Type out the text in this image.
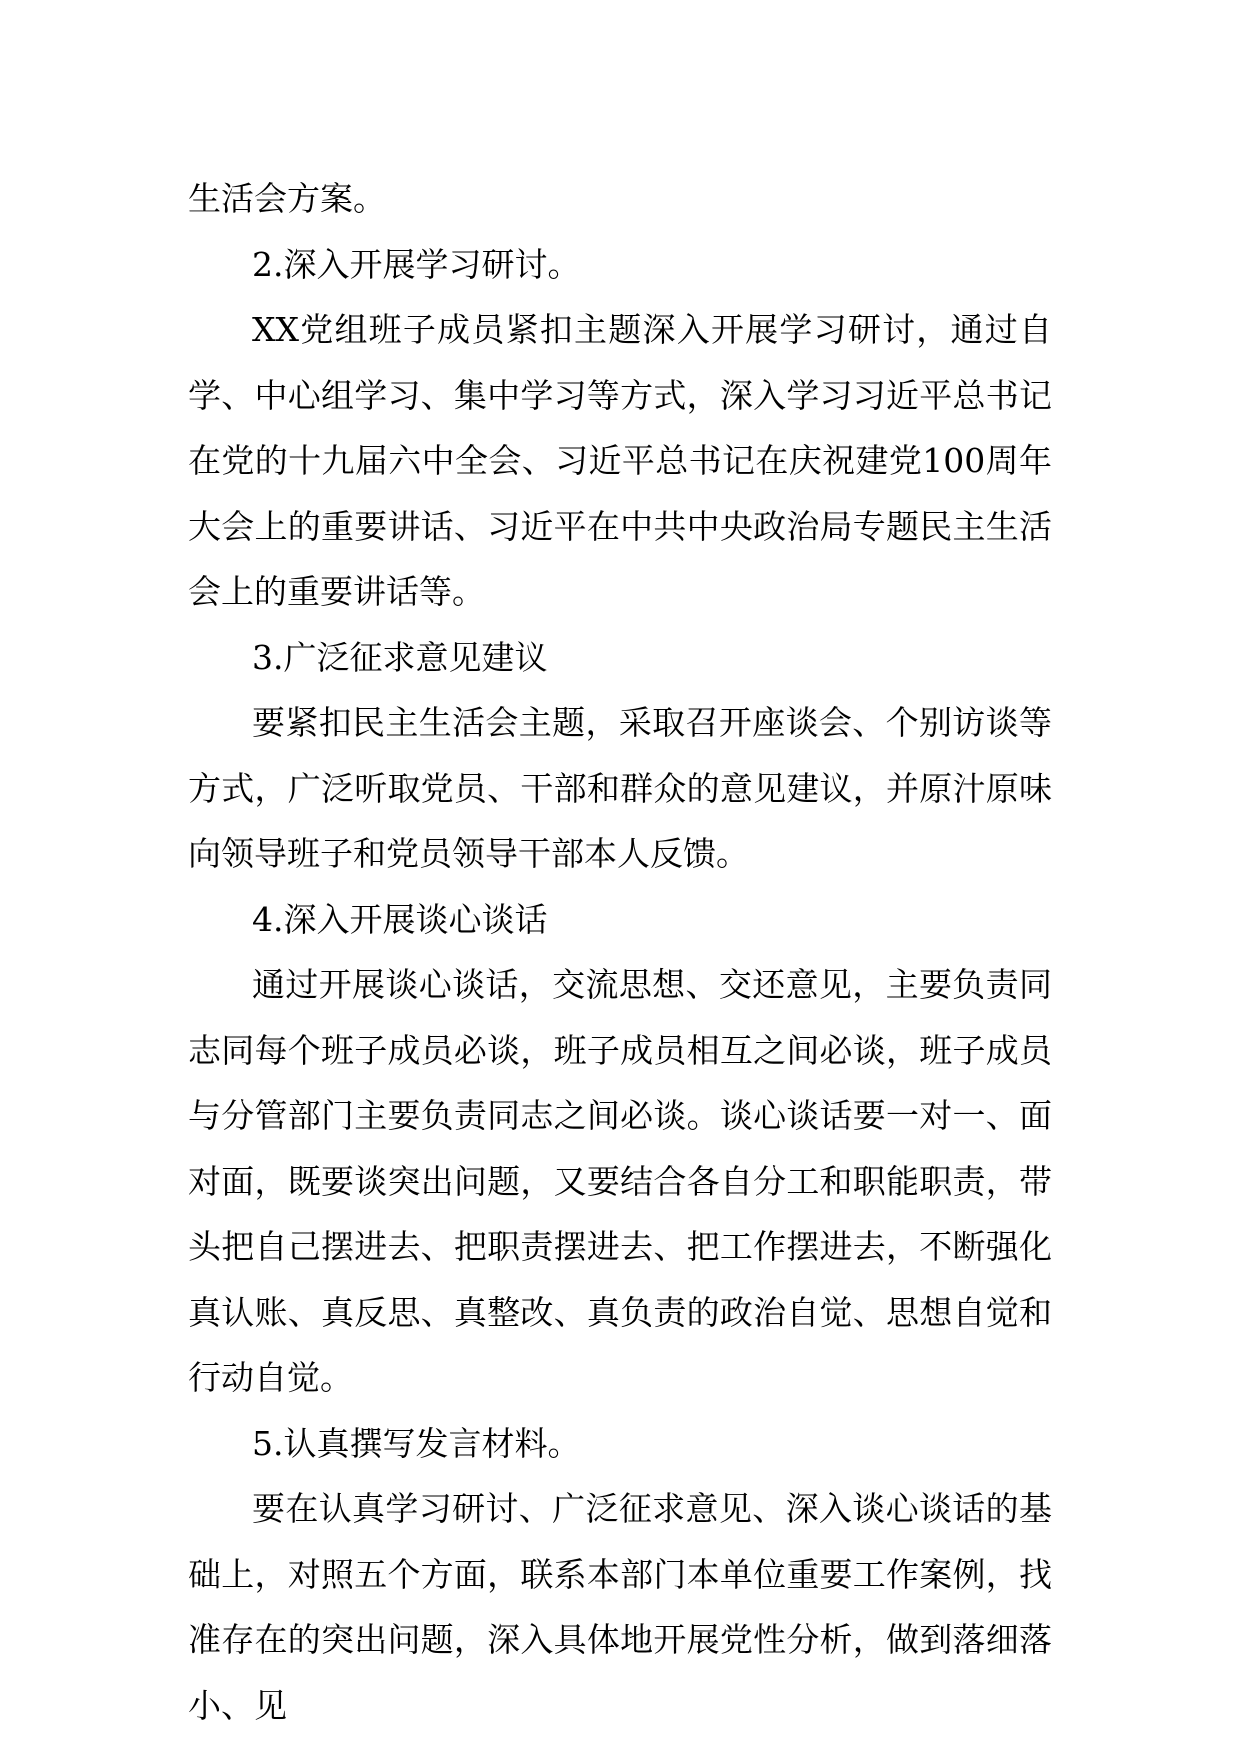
生活会方案。

2.深入开展学习研讨。

XX党组班子成员紧扣主题深入开展学习研讨，通过自学、中心组学习、集中学习等方式，深入学习习近平总书记在党的十九届六中全会、习近平总书记在庆祝建党100周年大会上的重要讲话、习近平在中共中央政治局专题民主生活会上的重要讲话等。

3.广泛征求意见建议

要紧扣民主生活会主题，采取召开座谈会、个别访谈等方式，广泛听取党员、干部和群众的意见建议，并原汁原味向领导班子和党员领导干部本人反馈。

4.深入开展谈心谈话

通过开展谈心谈话，交流思想、交还意见，主要负责同志同每个班子成员必谈，班子成员相互之间必谈，班子成员与分管部门主要负责同志之间必谈。谈心谈话要一对一、面对面，既要谈突出问题，又要结合各自分工和职能职责，带头把自己摆进去、把职责摆进去、把工作摆进去，不断强化真认账、真反思、真整改、真负责的政治自觉、思想自觉和行动自觉。

5.认真撰写发言材料。

要在认真学习研讨、广泛征求意见、深入谈心谈话的基础上，对照五个方面，联系本部门本单位重要工作案例，找准存在的突出问题，深入具体地开展党性分析，做到落细落小、见
